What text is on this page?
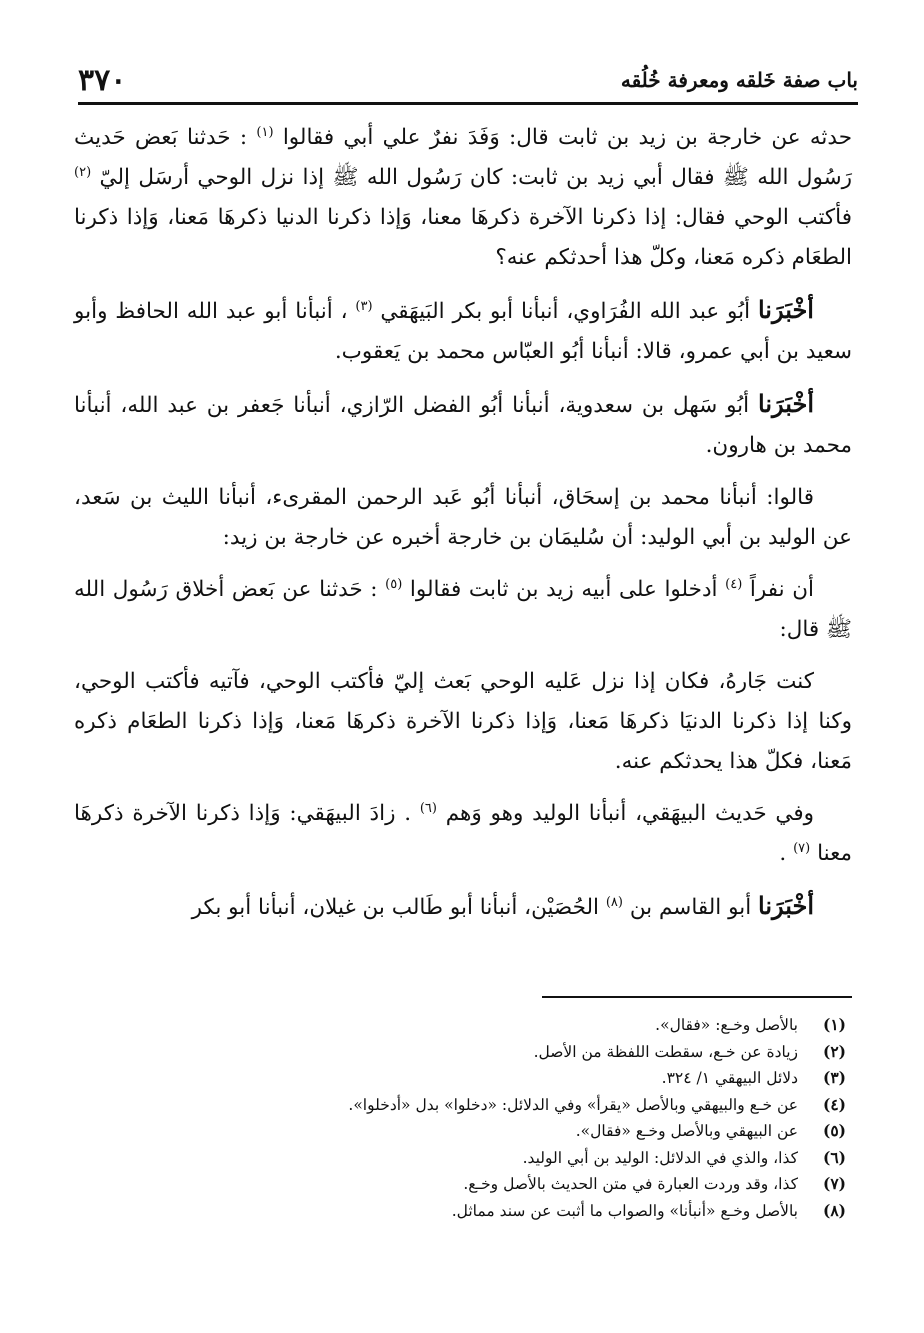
باب صفة خَلقه ومعرفة خُلُقه
٣٧٠

حدثه عن خارجة بن زيد بن ثابت قال: وَفَدَ نفرٌ علي أبي فقالوا $^{(١)}$ : حَدثنا بَعض حَديث رَسُول الله ﷺ فقال أبي زيد بن ثابت: كان رَسُول الله ﷺ إذا نزل الوحي أرسَل إليّ $^{(٢)}$ فأكتب الوحي فقال: إذا ذكرنا الآخرة ذكرهَا معنا، وَإذا ذكرنا الدنيا ذكرهَا مَعنا، وَإذا ذكرنا الطعَام ذكره مَعنا، وكلّ هذا أحدثكم عنه؟

أخْبَرَنا أبُو عبد الله الفُرَاوي، أنبأنا أبو بكر البَيهَقي $^{(٣)}$ ، أنبأنا أبو عبد الله الحافظ وأبو سعيد بن أبي عمرو، قالا: أنبأنا أبُو العبّاس محمد بن يَعقوب.

أخْبَرَنا أبُو سَهل بن سعدوية، أنبأنا أبُو الفضل الرّازي، أنبأنا جَعفر بن عبد الله، أنبأنا محمد بن هارون.

قالوا: أنبأنا محمد بن إسحَاق، أنبأنا أبُو عَبد الرحمن المقرىء، أنبأنا الليث بن سَعد، عن الوليد بن أبي الوليد: أن سُليمَان بن خارجة أخبره عن خارجة بن زيد:

أن نفراً $^{(٤)}$ أدخلوا على أبيه زيد بن ثابت فقالوا $^{(٥)}$ : حَدثنا عن بَعض أخلاق رَسُول الله ﷺ قال:

كنت جَارهُ، فكان إذا نزل عَليه الوحي بَعث إليّ فأكتب الوحي، فآتيه فأكتب الوحي، وكنا إذا ذكرنا الدنيَا ذكرهَا مَعنا، وَإذا ذكرنا الآخرة ذكرهَا مَعنا، وَإذا ذكرنا الطعَام ذكره مَعنا، فكلّ هذا يحدثكم عنه.

وفي حَديث البيهَقي، أنبأنا الوليد وهو وَهم $^{(٦)}$ . زادَ البيهَقي: وَإذا ذكرنا الآخرة ذكرهَا معنا $^{(٧)}$ .

أخْبَرَنا أبو القاسم بن $^{(٨)}$ الحُصَيْن، أنبأنا أبو طَالب بن غيلان، أنبأنا أبو بكر

(١)
بالأصل وخـع: «فقال».
(٢)
زيادة عن خـع، سقطت اللفظة من الأصل.
(٣)
دلائل البيهقي ١/ ٣٢٤.
(٤)
عن خـع والبيهقي وبالأصل «يقرأ» وفي الدلائل: «دخلوا» بدل «أدخلوا».
(٥)
عن البيهقي وبالأصل وخـع «فقال».
(٦)
كذا، والذي في الدلائل: الوليد بن أبي الوليد.
(٧)
كذا، وقد وردت العبارة في متن الحديث بالأصل وخـع.
(٨)
بالأصل وخـع «أنبأنا» والصواب ما أثبت عن سند مماثل.
